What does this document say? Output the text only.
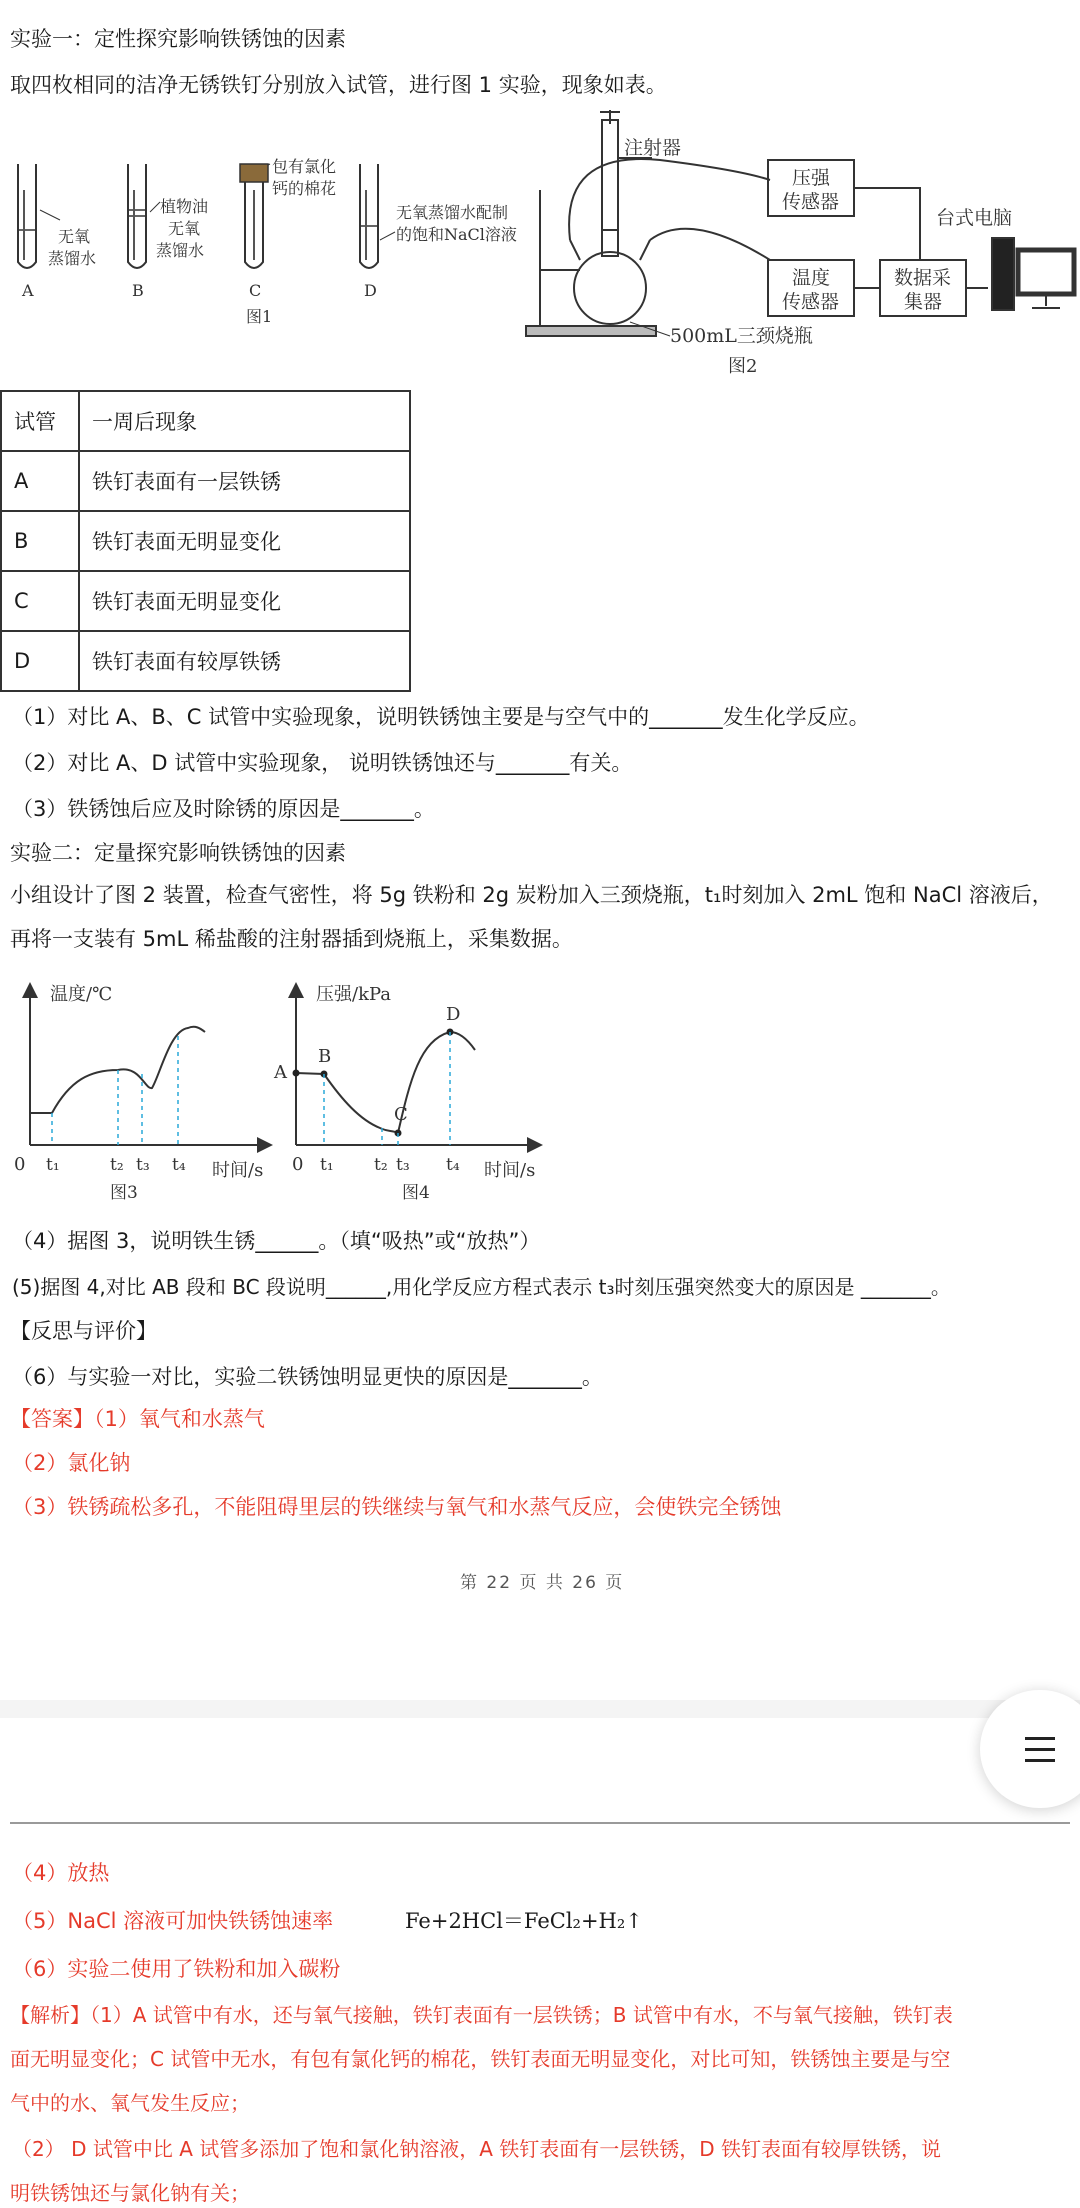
实验一：定性探究影响铁锈蚀的因素
取四枚相同的洁净无锈铁钉分别放入试管，进行图 1 实验，现象如表。
无氧
蒸馏水
植物油
无氧
蒸馏水
包有氯化
钙的棉花
无氧蒸馏水配制
的饱和NaCl溶液
A	B	C	D
图1
注射器
压强
传感器
温度
传感器
数据采
集器
台式电脑
500mL三颈烧瓶
图2
试管	一周后现象
A	铁钉表面有一层铁锈
B	铁钉表面无明显变化
C	铁钉表面无明显变化
D	铁钉表面有较厚铁锈
（1）对比 A、B、C 试管中实验现象，说明铁锈蚀主要是与空气中的_______发生化学反应。
（2）对比 A、D 试管中实验现象， 说明铁锈蚀还与_______有关。
（3）铁锈蚀后应及时除锈的原因是_______。
实验二：定量探究影响铁锈蚀的因素
小组设计了图 2 装置，检查气密性，将 5g 铁粉和 2g 炭粉加入三颈烧瓶，t₁时刻加入 2mL 饱和 NaCl 溶液后，
再将一支装有 5mL 稀盐酸的注射器插到烧瓶上，采集数据。
温度/℃
0 t₁	t₂ t₃ t₄ 时间/s
图3
压强/kPa
A
B
C
D
0 t₁ t₂ t₃ t₄ 时间/s
图4
（4）据图 3，说明铁生锈______。（填“吸热”或“放热”）
(5)据图 4,对比 AB 段和 BC 段说明______,用化学反应方程式表示 t₃时刻压强突然变大的原因是 _______。
【反思与评价】
（6）与实验一对比，实验二铁锈蚀明显更快的原因是_______。
【答案】（1）氧气和水蒸气
（2）氯化钠
（3）铁锈疏松多孔，不能阻碍里层的铁继续与氧气和水蒸气反应，会使铁完全锈蚀
第 22 页 共 26 页
（4）放热
（5）NaCl 溶液可加快铁锈蚀速率	Fe+2HCl＝FeCl₂+H₂↑
（6）实验二使用了铁粉和加入碳粉
【解析】（1）A 试管中有水，还与氧气接触，铁钉表面有一层铁锈；B 试管中有水，不与氧气接触，铁钉表
面无明显变化；C 试管中无水，有包有氯化钙的棉花，铁钉表面无明显变化，对比可知，铁锈蚀主要是与空
气中的水、氧气发生反应；
（2） D 试管中比 A 试管多添加了饱和氯化钠溶液，A 铁钉表面有一层铁锈，D 铁钉表面有较厚铁锈，说
明铁锈蚀还与氯化钠有关；
